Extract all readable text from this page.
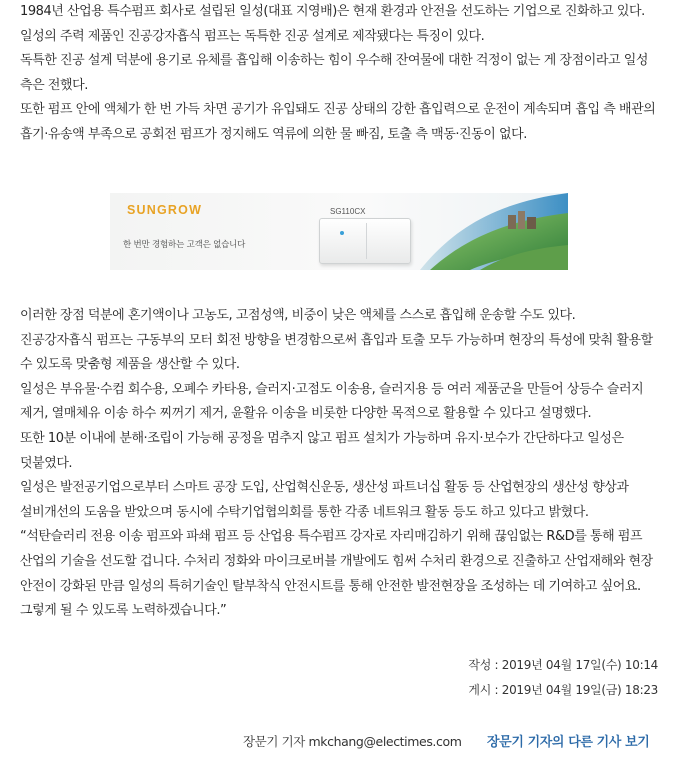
1984년 산업용 특수펌프 회사로 설립된 일성(대표 지영배)은 현재 환경과 안전을 선도하는 기업으로 진화하고 있다.

일성의 주력 제품인 진공강자흡식 펌프는 독특한 진공 설계로 제작됐다는 특징이 있다.

독특한 진공 설계 덕분에 용기로 유체를 흡입해 이송하는 힘이 우수해 잔여물에 대한 걱정이 없는 게 장점이라고 일성 측은 전했다.

또한 펌프 안에 액체가 한 번 가득 차면 공기가 유입돼도 진공 상태의 강한 흡입력으로 운전이 계속되며 흡입 측 배관의 흡기·유송액 부족으로 공회전 펌프가 정지해도 역류에 의한 물 빠짐, 토출 측 맥동·진동이 없다.

SUNGROW
한 번만 경험하는 고객은 없습니다
SG110CX

이러한 장점 덕분에 혼기액이나 고농도, 고점성액, 비중이 낮은 액체를 스스로 흡입해 운송할 수도 있다.

진공강자흡식 펌프는 구동부의 모터 회전 방향을 변경함으로써 흡입과 토출 모두 가능하며 현장의 특성에 맞춰 활용할 수 있도록 맞춤형 제품을 생산할 수 있다.

일성은 부유물·수컴 회수용, 오폐수 카타용, 슬러지·고점도 이송용, 슬러지용 등 여러 제품군을 만들어 상등수 슬러지 제거, 열매체유 이송 하수 찌꺼기 제거, 윤활유 이송을 비롯한 다양한 목적으로 활용할 수 있다고 설명했다.

또한 10분 이내에 분해·조립이 가능해 공정을 멈추지 않고 펌프 설치가 가능하며 유지·보수가 간단하다고 일성은 덧붙였다.

일성은 발전공기업으로부터 스마트 공장 도입, 산업혁신운동, 생산성 파트너십 활동 등 산업현장의 생산성 향상과 설비개선의 도움을 받았으며 동시에 수탁기업협의회를 통한 각종 네트워크 활동 등도 하고 있다고 밝혔다.

“석탄슬러리 전용 이송 펌프와 파쇄 펌프 등 산업용 특수펌프 강자로 자리매김하기 위해 끊임없는 R&D를 통해 펌프 산업의 기술을 선도할 겁니다. 수처리 정화와 마이크로버블 개발에도 힘써 수처리 환경으로 진출하고 산업재해와 현장 안전이 강화된 만큼 일성의 특허기술인 탈부착식 안전시트를 통해 안전한 발전현장을 조성하는 데 기여하고 싶어요. 그렇게 될 수 있도록 노력하겠습니다.”

작성 : 2019년 04월 17일(수) 10:14
게시 : 2019년 04월 19일(금) 18:23
장문기 기자 mkchang@electimes.com 장문기 기자의 다른 기사 보기
